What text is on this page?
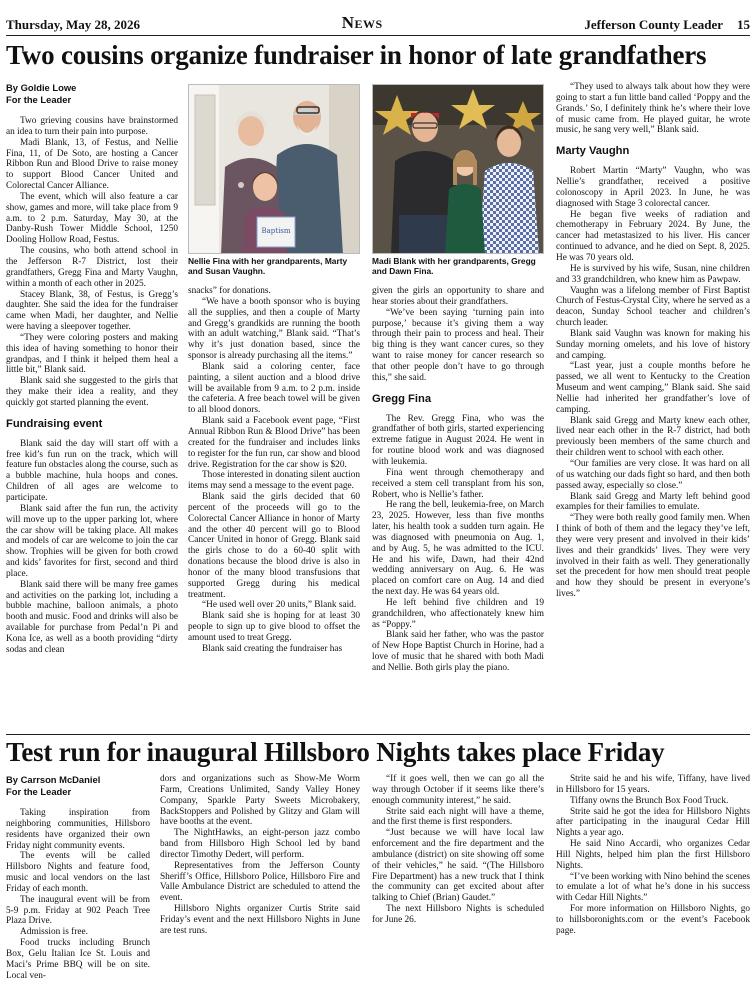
Thursday, May 28, 2026	News	Jefferson County Leader 15
Two cousins organize fundraiser in honor of late grandfathers

By Goldie Lowe
For the Leader

Two grieving cousins have brainstormed an idea to turn their pain into purpose.

Madi Blank, 13, of Festus, and Nellie Fina, 11, of De Soto, are hosting a Cancer Ribbon Run and Blood Drive to raise money to support Blood Cancer United and Colorectal Cancer Alliance.

The event, which will also feature a car show, games and more, will take place from 9 a.m. to 2 p.m. Saturday, May 30, at the Danby-Rush Tower Middle School, 1250 Dooling Hollow Road, Festus.

The cousins, who both attend school in the Jefferson R-7 District, lost their grandfathers, Gregg Fina and Marty Vaughn, within a month of each other in 2025.

Stacey Blank, 38, of Festus, is Gregg’s daughter. She said the idea for the fundraiser came when Madi, her daughter, and Nellie were having a sleepover together.

“They were coloring posters and making this idea of having something to honor their grandpas, and I think it helped them heal a little bit,” Blank said.

Blank said she suggested to the girls that they make their idea a reality, and they quickly got started planning the event.

Fundraising event

Blank said the day will start off with a free kid’s fun run on the track, which will feature fun obstacles along the course, such as a bubble machine, hula hoops and cones. Children of all ages are welcome to participate.

Blank said after the fun run, the activity will move up to the upper parking lot, where the car show will be taking place. All makes and models of car are welcome to join the car show. Trophies will be given for both crowd and kids’ favorites for first, second and third place.

Blank said there will be many free games and activities on the parking lot, including a bubble machine, balloon animals, a photo booth and music. Food and drinks will also be available for purchase from Pedal’n Pi and Kona Ice, as well as a booth providing “dirty sodas and clean

Baptism
Nellie Fina with her grandparents, Marty and Susan Vaughn.
Madi Blank with her grandparents, Gregg and Dawn Fina.

snacks” for donations.

“We have a booth sponsor who is buying all the supplies, and then a couple of Marty and Gregg’s grandkids are running the booth with an adult watching,” Blank said. “That’s why it’s just donation based, since the sponsor is already purchasing all the items.”

Blank said a coloring center, face painting, a silent auction and a blood drive will be available from 9 a.m. to 2 p.m. inside the cafeteria. A free beach towel will be given to all blood donors.

Blank said a Facebook event page, “First Annual Ribbon Run & Blood Drive” has been created for the fundraiser and includes links to register for the fun run, car show and blood drive. Registration for the car show is $20.

Those interested in donating silent auction items may send a message to the event page.

Blank said the girls decided that 60 percent of the proceeds will go to the Colorectal Cancer Alliance in honor of Marty and the other 40 percent will go to Blood Cancer United in honor of Gregg. Blank said the girls chose to do a 60-40 split with donations because the blood drive is also in honor of the many blood transfusions that supported Gregg during his medical treatment.

“He used well over 20 units,” Blank said.

Blank said she is hoping for at least 30 people to sign up to give blood to offset the amount used to treat Gregg.

Blank said creating the fundraiser has

given the girls an opportunity to share and hear stories about their grandfathers.

“We’ve been saying ‘turning pain into purpose,’ because it’s giving them a way through their pain to process and heal. Their big thing is they want cancer cures, so they want to raise money for cancer research so that other people don’t have to go through this,” she said.

Gregg Fina

The Rev. Gregg Fina, who was the grandfather of both girls, started experiencing extreme fatigue in August 2024. He went in for routine blood work and was diagnosed with leukemia.

Fina went through chemotherapy and received a stem cell transplant from his son, Robert, who is Nellie’s father.

He rang the bell, leukemia-free, on March 23, 2025. However, less than five months later, his health took a sudden turn again. He was diagnosed with pneumonia on Aug. 1, and by Aug. 5, he was admitted to the ICU. He and his wife, Dawn, had their 42nd wedding anniversary on Aug. 6. He was placed on comfort care on Aug. 14 and died the next day. He was 64 years old.

He left behind five children and 19 grandchildren, who affectionately knew him as “Poppy.”

Blank said her father, who was the pastor of New Hope Baptist Church in Horine, had a love of music that he shared with both Madi and Nellie. Both girls play the piano.

“They used to always talk about how they were going to start a fun little band called ‘Poppy and the Grands.’ So, I definitely think he’s where their love of music came from. He played guitar, he wrote music, he sang very well,” Blank said.

Marty Vaughn

Robert Martin “Marty” Vaughn, who was Nellie’s grandfather, received a positive colonoscopy in April 2023. In June, he was diagnosed with Stage 3 colorectal cancer.

He began five weeks of radiation and chemotherapy in February 2024. By June, the cancer had metastasized to his liver. His cancer continued to advance, and he died on Sept. 8, 2025. He was 70 years old.

He is survived by his wife, Susan, nine children and 33 grandchildren, who knew him as Pawpaw.

Vaughn was a lifelong member of First Baptist Church of Festus-Crystal City, where he served as a deacon, Sunday School teacher and children’s church leader.

Blank said Vaughn was known for making his Sunday morning omelets, and his love of history and camping.

“Last year, just a couple months before he passed, we all went to Kentucky to the Creation Museum and went camping,” Blank said. She said Nellie had inherited her grandfather’s love of camping.

Blank said Gregg and Marty knew each other, lived near each other in the R-7 district, had both previously been members of the same church and their children went to school with each other.

“Our families are very close. It was hard on all of us watching our dads fight so hard, and then both passed away, especially so close.”

Blank said Gregg and Marty left behind good examples for their families to emulate.

“They were both really good family men. When I think of both of them and the legacy they’ve left, they were very present and involved in their kids’ lives and their grandkids’ lives. They were very involved in their faith as well. They generationally set the precedent for how men should treat people and how they should be present in everyone’s lives.”

Test run for inaugural Hillsboro Nights takes place Friday

By Carrson McDaniel
For the Leader

Taking inspiration from neighboring communities, Hillsboro residents have organized their own Friday night community events.

The events will be called Hillsboro Nights and feature food, music and local vendors on the last Friday of each month.

The inaugural event will be from 5-9 p.m. Friday at 902 Peach Tree Plaza Drive.

Admission is free.

Food trucks including Brunch Box, Gelu Italian Ice St. Louis and Maci’s Prime BBQ will be on site. Local ven-

dors and organizations such as Show-Me Worm Farm, Creations Unlimited, Sandy Valley Honey Company, Sparkle Party Sweets Microbakery, BackStoppers and Polished by Glitzy and Glam will have booths at the event.

The NightHawks, an eight-person jazz combo band from Hillsboro High School led by band director Timothy Dedert, will perform.

Representatives from the Jefferson County Sheriff’s Office, Hillsboro Police, Hillsboro Fire and Valle Ambulance District are scheduled to attend the event.

Hillsboro Nights organizer Curtis Strite said Friday’s event and the next Hillsboro Nights in June are test runs.

“If it goes well, then we can go all the way through October if it seems like there’s enough community interest,” he said.

Strite said each night will have a theme, and the first theme is first responders.

“Just because we will have local law enforcement and the fire department and the ambulance (district) on site showing off some of their vehicles,” he said. “(The Hillsboro Fire Department) has a new truck that I think the community can get excited about after talking to Chief (Brian) Gaudet.”

The next Hillsboro Nights is scheduled for June 26.

Strite said he and his wife, Tiffany, have lived in Hillsboro for 15 years.

Tiffany owns the Brunch Box Food Truck.

Strite said he got the idea for Hillsboro Nights after participating in the inaugural Cedar Hill Nights a year ago.

He said Nino Accardi, who organizes Cedar Hill Nights, helped him plan the first Hillsboro Nights.

“I’ve been working with Nino behind the scenes to emulate a lot of what he’s done in his success with Cedar Hill Nights.”

For more information on Hillsboro Nights, go to hillsboronights.com or the event’s Facebook page.
